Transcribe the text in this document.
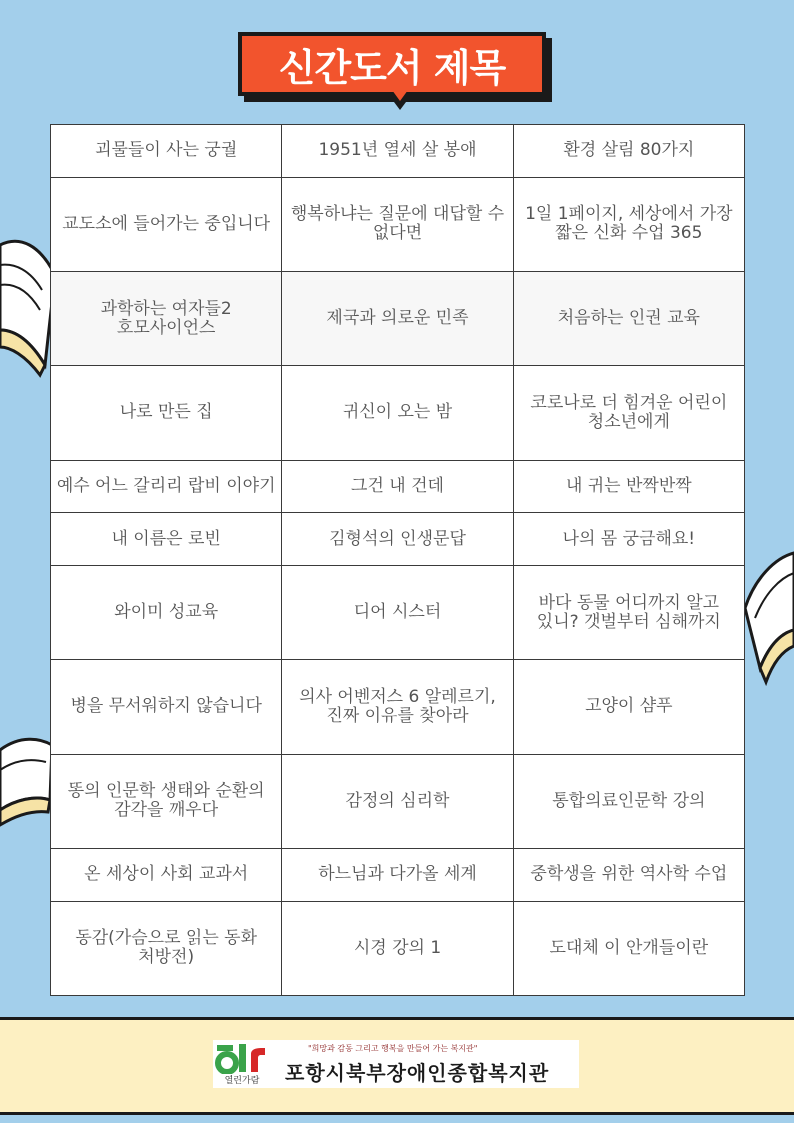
신간도서 제목
괴물들이 사는 궁궐	1951년 열세 살 봉애	환경 살림 80가지
교도소에 들어가는 중입니다	행복하냐는 질문에 대답할 수 없다면	1일 1페이지, 세상에서 가장 짧은 신화 수업 365
과학하는 여자들2 호모사이언스	제국과 의로운 민족	처음하는 인권 교육
나로 만든 집	귀신이 오는 밤	코로나로 더 힘겨운 어린이 청소년에게
예수 어느 갈리리 랍비 이야기	그건 내 건데	내 귀는 반짝반짝
내 이름은 로빈	김형석의 인생문답	나의 몸 궁금해요!
와이미 성교육	디어 시스터	바다 동물 어디까지 알고 있니? 갯벌부터 심해까지
병을 무서워하지 않습니다	의사 어벤저스 6 알레르기, 진짜 이유를 찾아라	고양이 샴푸
똥의 인문학 생태와 순환의 감각을 깨우다	감정의 심리학	통합의료인문학 강의
온 세상이 사회 교과서	하느님과 다가올 세계	중학생을 위한 역사학 수업
동감(가슴으로 읽는 동화 처방전)	시경 강의 1	도대체 이 안개들이란
열린가람
"희망과 감동 그리고 행복을 만들어 가는 복지관"
포항시북부장애인종합복지관
